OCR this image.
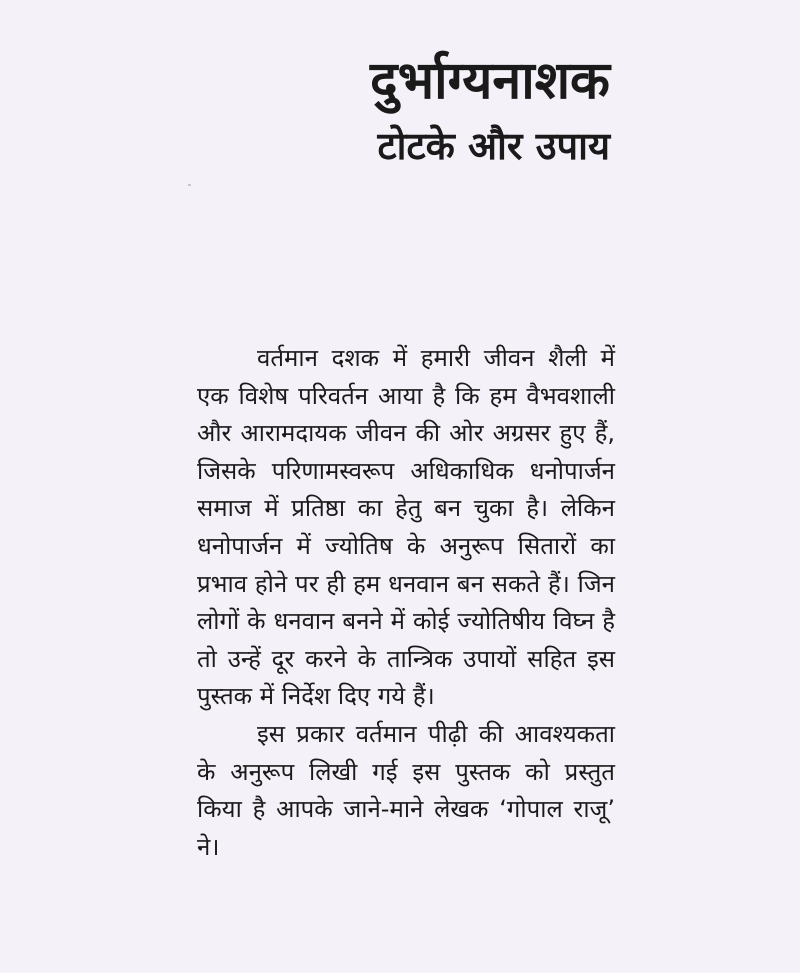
दुर्भाग्यनाशक
टोटके और उपाय

वर्तमान दशक में हमारी जीवन शैली में एक विशेष परिवर्तन आया है कि हम वैभवशाली और आरामदायक जीवन की ओर अग्रसर हुए हैं, जिसके परिणामस्वरूप अधिकाधिक धनोपार्जन समाज में प्रतिष्ठा का हेतु बन चुका है। लेकिन धनोपार्जन में ज्योतिष के अनुरूप सितारों का प्रभाव होने पर ही हम धनवान बन सकते हैं। जिन लोगों के धनवान बनने में कोई ज्योतिषीय विघ्न है तो उन्हें दूर करने के तान्त्रिक उपायों सहित इस पुस्तक में निर्देश दिए गये हैं।

इस प्रकार वर्तमान पीढ़ी की आवश्यकता के अनुरूप लिखी गई इस पुस्तक को प्रस्तुत किया है आपके जाने-माने लेखक ‘गोपाल राजू’ ने।
